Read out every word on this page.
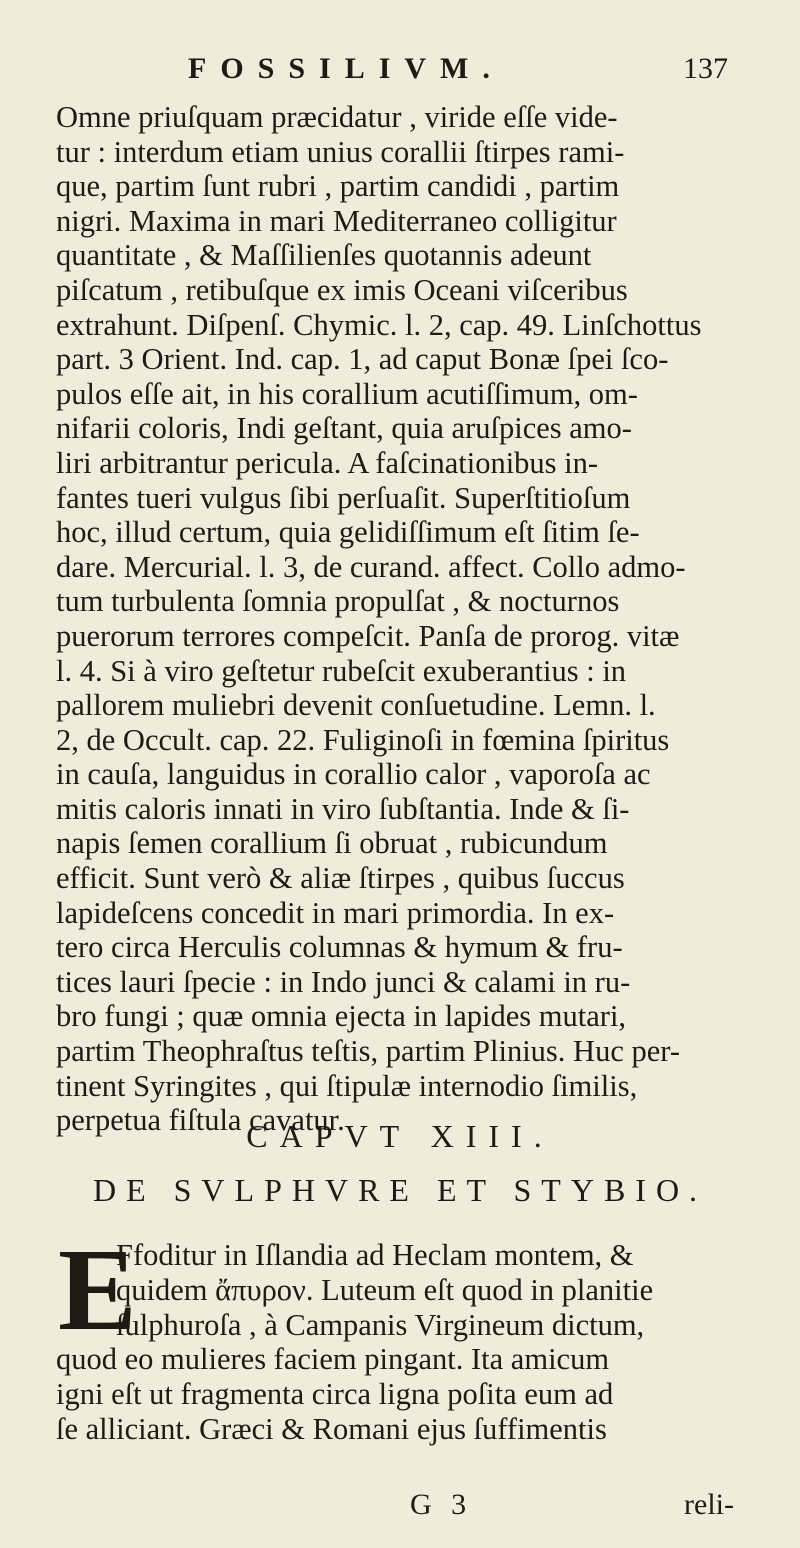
FOSSILIVM.	137
Omne priuſquam præcidatur , viride eſſe vide-
tur : interdum etiam unius corallii ſtirpes rami-
que, partim ſunt rubri , partim candidi , partim
nigri. Maxima in mari Mediterraneo colligitur
quantitate , & Maſſilienſes quotannis adeunt
piſcatum , retibuſque ex imis Oceani viſceribus
extrahunt. Diſpenſ. Chymic. l. 2, cap. 49. Linſchottus
part. 3 Orient. Ind. cap. 1, ad caput Bonæ ſpei ſco-
pulos eſſe ait, in his corallium acutiſſimum, om-
nifarii coloris, Indi geſtant, quia aruſpices amo-
liri arbitrantur pericula. A faſcinationibus in-
fantes tueri vulgus ſibi perſuaſit. Superſtitioſum
hoc, illud certum, quia gelidiſſimum eſt ſitim ſe-
dare. Mercurial. l. 3, de curand. affect. Collo admo-
tum turbulenta ſomnia propulſat , & nocturnos
puerorum terrores compeſcit. Panſa de prorog. vitæ
l. 4. Si à viro geſtetur rubeſcit exuberantius : in
pallorem muliebri devenit conſuetudine. Lemn. l.
2, de Occult. cap. 22. Fuliginoſi in fœmina ſpiritus
in cauſa, languidus in corallio calor , vaporoſa ac
mitis caloris innati in viro ſubſtantia. Inde & ſi-
napis ſemen corallium ſi obruat , rubicundum
efficit. Sunt verò & aliæ ſtirpes , quibus ſuccus
lapideſcens concedit in mari primordia. In ex-
tero circa Herculis columnas & hymum & fru-
tices lauri ſpecie : in Indo junci & calami in ru-
bro fungi ; quæ omnia ejecta in lapides mutari,
partim Theophraſtus teſtis, partim Plinius. Huc per-
tinent Syringites , qui ſtipulæ internodio ſimilis,
perpetua fiſtula cavatur.
CAPVT XIII.
DE SVLPHVRE ET STYBIO.
E
Ffoditur in Iſlandia ad Heclam montem, &
quidem ἄπυρον. Luteum eſt quod in planitie
ſulphuroſa , à Campanis Virgineum dictum,
quod eo mulieres faciem pingant. Ita amicum
igni eſt ut fragmenta circa ligna poſita eum ad
ſe alliciant. Græci & Romani ejus ſuffimentis
G 3	reli-
